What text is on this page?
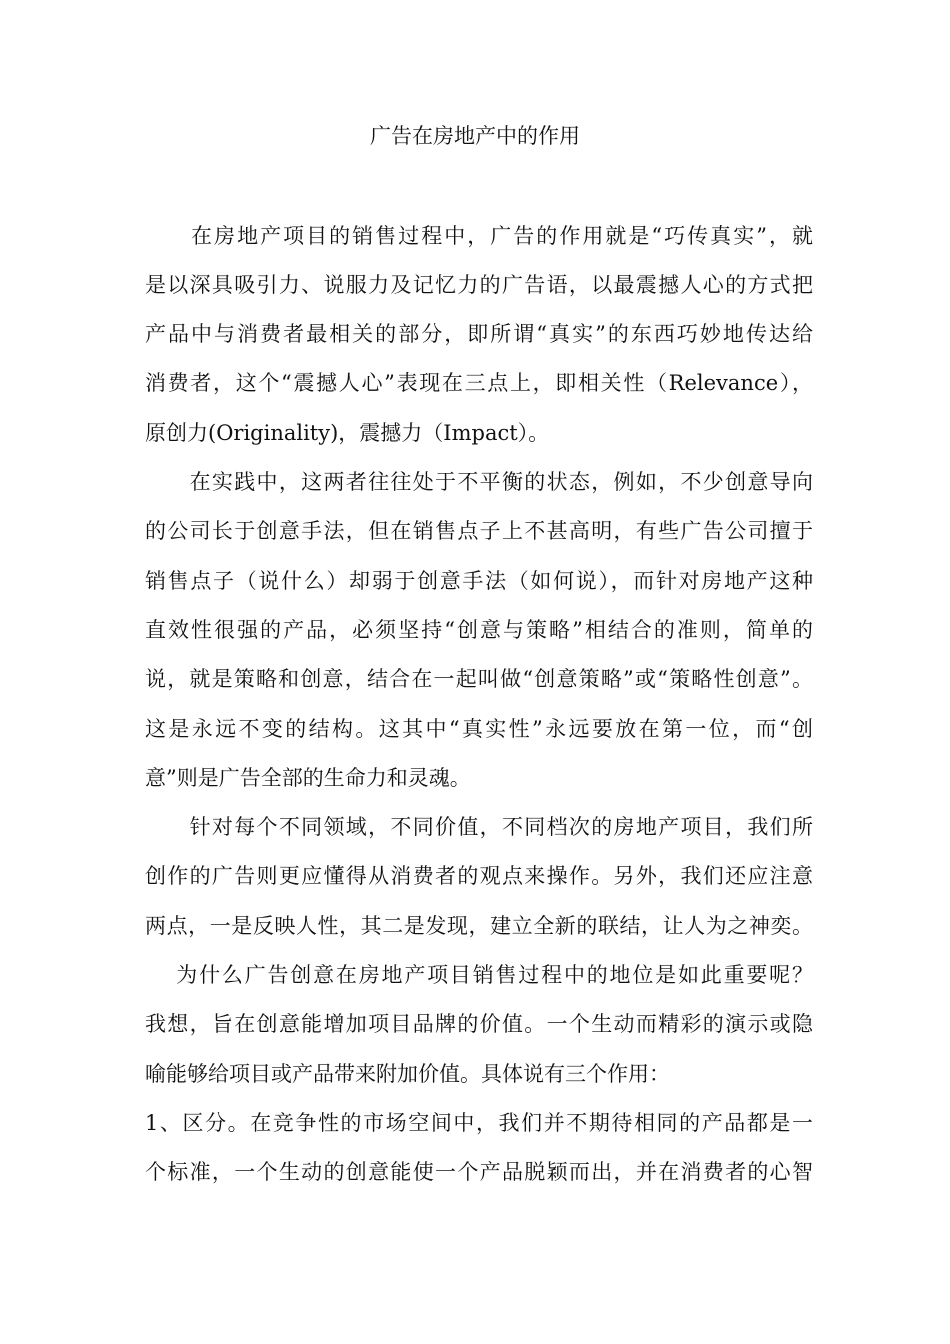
广告在房地产中的作用
　　在房地产项目的销售过程中，广告的作用就是“巧传真实”，就
是以深具吸引力、说服力及记忆力的广告语，以最震撼人心的方式把
产品中与消费者最相关的部分，即所谓“真实”的东西巧妙地传达给
消费者，这个“震撼人心”表现在三点上，即相关性（Relevance），
原创力(Originality)，震撼力（Impact）。
　　在实践中，这两者往往处于不平衡的状态，例如，不少创意导向
的公司长于创意手法，但在销售点子上不甚高明，有些广告公司擅于
销售点子（说什么）却弱于创意手法（如何说），而针对房地产这种
直效性很强的产品，必须坚持“创意与策略”相结合的准则，简单的
说，就是策略和创意，结合在一起叫做“创意策略”或“策略性创意”。
这是永远不变的结构。这其中“真实性”永远要放在第一位，而“创
意”则是广告全部的生命力和灵魂。
　　针对每个不同领域，不同价值，不同档次的房地产项目，我们所
创作的广告则更应懂得从消费者的观点来操作。另外，我们还应注意
两点，一是反映人性，其二是发现，建立全新的联结，让人为之神奕。
　 为什么广告创意在房地产项目销售过程中的地位是如此重要呢？
我想，旨在创意能增加项目品牌的价值。一个生动而精彩的演示或隐
喻能够给项目或产品带来附加价值。具体说有三个作用：
1、区分。在竞争性的市场空间中，我们并不期待相同的产品都是一
个标准，一个生动的创意能使一个产品脱颖而出，并在消费者的心智
